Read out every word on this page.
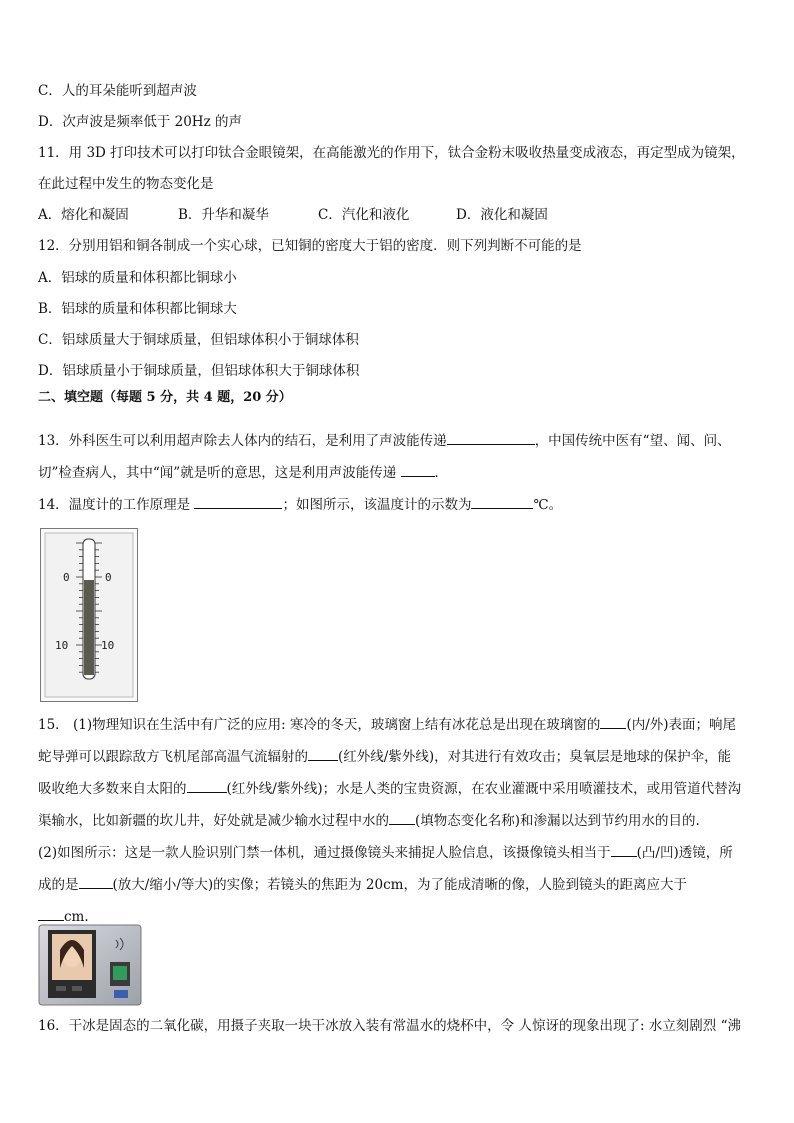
C．人的耳朵能听到超声波
D．次声波是频率低于 20Hz 的声
11．用 3D 打印技术可以打印钛合金眼镜架，在高能激光的作用下，钛合金粉末吸收热量变成液态，再定型成为镜架，
在此过程中发生的物态变化是
A．熔化和凝固	B．升华和凝华	C．汽化和液化	D．液化和凝固
12．分别用铝和铜各制成一个实心球，已知铜的密度大于铝的密度．则下列判断不可能的是
A．铝球的质量和体积都比铜球小
B．铝球的质量和体积都比铜球大
C．铝球质量大于铜球质量，但铝球体积小于铜球体积
D．铝球质量小于铜球质量，但铝球体积大于铜球体积
二、填空题（每题 5 分，共 4 题，20 分）
13．外科医生可以利用超声除去人体内的结石，是利用了声波能传递	，中国传统中医有“望、闻、问、
切”检查病人，其中“闻”就是听的意思，这是利用声波能传递	．
14．温度计的工作原理是	；如图所示，该温度计的示数为	℃。
0	0
10	10
15． (1)物理知识在生活中有广泛的应用: 寒冷的冬天，玻璃窗上结有冰花总是出现在玻璃窗的 (内/外)表面；响尾
蛇导弹可以跟踪敌方飞机尾部高温气流辐射的 (红外线/紫外线)，对其进行有效攻击；臭氧层是地球的保护伞，能
吸收绝大多数来自太阳的	(红外线/紫外线)；水是人类的宝贵资源，在农业灌溉中采用喷灌技术，或用管道代替沟
渠输水，比如新疆的坎儿井，好处就是减少输水过程中水的 (填物态变化名称)和渗漏以达到节约用水的目的.
(2)如图所示：这是一款人脸识别门禁一体机，通过摄像镜头来捕捉人脸信息，该摄像镜头相当于 (凸/凹)透镜，所
成的是	(放大/缩小/等大)的实像；若镜头的焦距为 20cm，为了能成清晰的像，人脸到镜头的距离应大于
cm.
16．干冰是固态的二氧化碳，用摄子夹取一块干冰放入装有常温水的烧杯中，令 人惊讶的现象出现了: 水立刻剧烈 “沸
